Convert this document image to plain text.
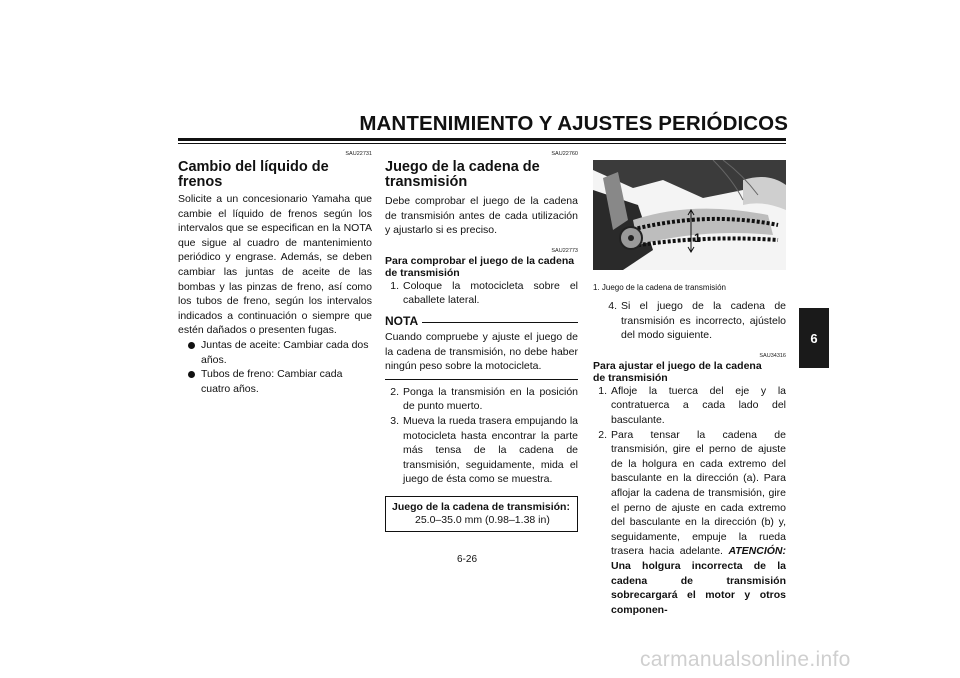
MANTENIMIENTO Y AJUSTES PERIÓDICOS
6
SAU22731
Cambio del líquido de frenos
Solicite a un concesionario Yamaha que cambie el líquido de frenos según los intervalos que se especifican en la NOTA que sigue al cuadro de mantenimiento periódico y engrase. Además, se deben cambiar las juntas de aceite de las bombas y las pinzas de freno, así como los tubos de freno, según los intervalos indicados a continuación o siempre que estén dañados o presenten fugas.
Juntas de aceite: Cambiar cada dos años.
Tubos de freno: Cambiar cada cuatro años.
SAU22760
Juego de la cadena de transmisión
Debe comprobar el juego de la cadena de transmisión antes de cada utilización y ajustarlo si es preciso.
SAU22773
Para comprobar el juego de la cadena de transmisión
1. Coloque la motocicleta sobre el caballete lateral.
NOTA
Cuando compruebe y ajuste el juego de la cadena de transmisión, no debe haber ningún peso sobre la motocicleta.
2. Ponga la transmisión en la posición de punto muerto.
3. Mueva la rueda trasera empujando la motocicleta hasta encontrar la parte más tensa de la cadena de transmisión, seguidamente, mida el juego de ésta como se muestra.
Juego de la cadena de transmisión:
25.0–35.0 mm (0.98–1.38 in)
1
1. Juego de la cadena de transmisión
4. Si el juego de la cadena de transmisión es incorrecto, ajústelo del modo siguiente.
SAU34316
Para ajustar el juego de la cadena de transmisión
1. Afloje la tuerca del eje y la contratuerca a cada lado del basculante.
2. Para tensar la cadena de transmisión, gire el perno de ajuste de la holgura en cada extremo del basculante en la dirección (a). Para aflojar la cadena de transmisión, gire el perno de ajuste en cada extremo del basculante en la dirección (b) y, seguidamente, empuje la rueda trasera hacia adelante. ATENCIÓN: Una holgura incorrecta de la cadena de transmisión sobrecargará el motor y otros componen-
6-26
carmanualsonline.info
